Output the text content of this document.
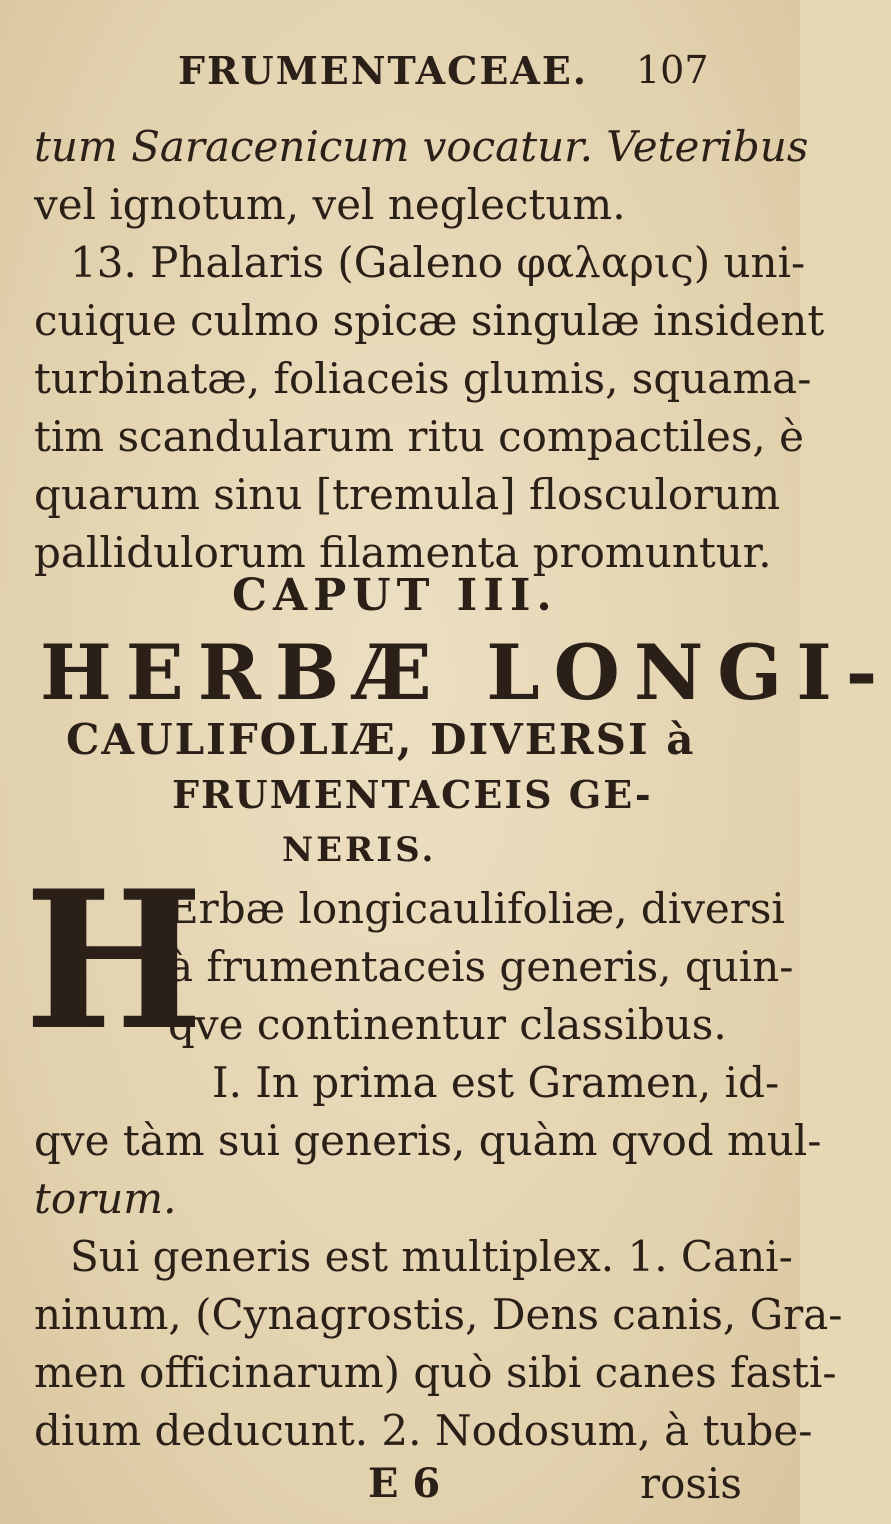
FRUMENTACEAE. 107
tum Saracenicum vocatur. Veteribus
vel ignotum, vel neglectum.
13. Phalaris (Galeno φαλαρις) uni-
cuique culmo spicæ singulæ insident
turbinatæ, foliaceis glumis, squama-
tim scandularum ritu compactiles, è
quarum sinu [tremula] flosculorum
pallidulorum filamenta promuntur.
CAPUT III.
HERBÆ LONGI-
CAULIFOLIÆ, DIVERSI à
FRUMENTACEIS GE-
NERIS.
H
Erbæ longicaulifoliæ, diversi
à frumentaceis generis, quin-
qve continentur classibus.
I. In prima est Gramen, id-
qve tàm sui generis, quàm qvod mul-
torum.
Sui generis est multiplex. 1. Cani-
ninum, (Cynagrostis, Dens canis, Gra-
men officinarum) quò sibi canes fasti-
dium deducunt. 2. Nodosum, à tube-
E 6	rosis
